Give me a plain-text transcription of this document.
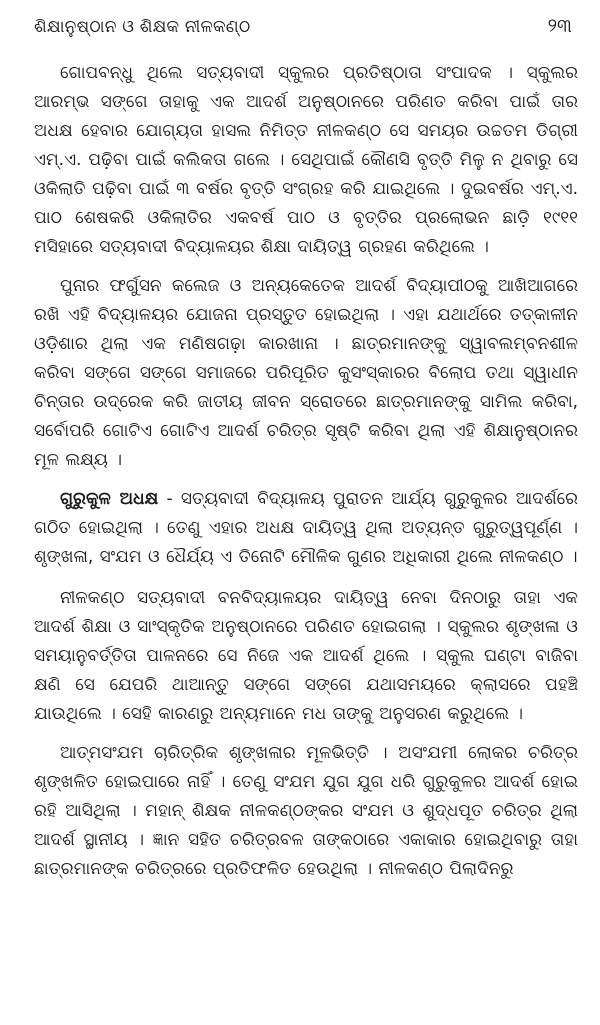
ଶିକ୍ଷାନୁଷ୍ଠାନ ଓ ଶିକ୍ଷକ ନୀଳକଣ୍ଠ	୨୩

ଗୋପବନ୍ଧୁ ଥିଲେ ସତ୍ୟବାଦୀ ସ୍କୁଲର ପ୍ରତିଷ୍ଠାତା ସଂପାଦକ । ସ୍କୁଲର ଆରମ୍ଭ ସଙ୍ଗେ ତାହାକୁ ଏକ ଆଦର୍ଶ ଅନୁଷ୍ଠାନରେ ପରିଣତ କରିବା ପାଇଁ ତାର ଅଧକ୍ଷ ହେବାର ଯୋଗ୍ୟତା ହାସଲ ନିମିତ୍ତ ନୀଳକଣ୍ଠ ସେ ସମୟର ଉଚ୍ଚତମ ଡିଗ୍ରୀ ଏମ୍.ଏ. ପଢ଼ିବା ପାଇଁ କଲିକତା ଗଲେ । ସେଥିପାଇଁ କୌଣସି ବୃତ୍ତି ମିଳୁ ନ ଥିବାରୁ ସେ ଓକିଲାତି ପଢ଼ିବା ପାଇଁ ୩ ବର୍ଷର ବୃତ୍ତି ସଂଗ୍ରହ କରି ଯାଇଥିଲେ । ଦୁଇବର୍ଷର ଏମ୍.ଏ. ପାଠ ଶେଷକରି ଓକିଲାତିର ଏକବର୍ଷ ପାଠ ଓ ବୃତ୍ତିର ପ୍ରଲୋଭନ ଛାଡ଼ି ୧୯୧୧ ମସିହାରେ ସତ୍ୟବାଦୀ ବିଦ୍ୟାଳୟର ଶିକ୍ଷା ଦାୟିତ୍ୱ ଗ୍ରହଣ କରିଥିଲେ ।

ପୁନାର ଫର୍ଗୁସନ କଲେଜ ଓ ଅନ୍ୟକେତେକ ଆଦର୍ଶ ବିଦ୍ୟାପୀଠକୁ ଆଖିଆଗରେ ରଖି ଏହି ବିଦ୍ୟାଳୟର ଯୋଜନା ପ୍ରସ୍ତୁତ ହୋଇଥିଲା । ଏହା ଯଥାର୍ଥରେ ତତ୍କାଳୀନ ଓଡ଼ିଶାର ଥିଲା ଏକ ମଣିଷଗଢ଼ା କାରଖାନା । ଛାତ୍ରମାନଙ୍କୁ ସ୍ୱାବଲମ୍ବନଶୀଳ କରିବା ସଙ୍ଗେ ସଙ୍ଗେ ସମାଜରେ ପରିପୂରିତ କୁସଂସ୍କାରର ବିଲୋପ ତଥା ସ୍ୱାଧୀନ ଚିନ୍ତାର ଉଦ୍ରେକ କରି ଜାତୀୟ ଜୀବନ ସ୍ରୋତରେ ଛାତ୍ରମାନଙ୍କୁ ସାମିଲ କରିବା, ସର୍ବୋପରି ଗୋଟିଏ ଗୋଟିଏ ଆଦର୍ଶ ଚରିତ୍ର ସୃଷ୍ଟି କରିବା ଥିଲା ଏହି ଶିକ୍ଷାନୁଷ୍ଠାନର ମୂଳ ଲକ୍ଷ୍ୟ ।

ଗୁରୁକୁଳ ଅଧକ୍ଷ - ସତ୍ୟବାଦୀ ବିଦ୍ୟାଳୟ ପୁରାତନ ଆର୍ଯ୍ୟ ଗୁରୁକୁଳର ଆଦର୍ଶରେ ଗଠିତ ହୋଇଥିଲା । ତେଣୁ ଏହାର ଅଧକ୍ଷ ଦାୟିତ୍ୱ ଥିଲା ଅତ୍ୟନ୍ତ ଗୁରୁତ୍ୱପୂର୍ଣ୍ଣ । ଶୃଙ୍ଖଳା, ସଂଯମ ଓ ଧୈର୍ଯ୍ୟ ଏ ତିନୋଟି ମୌଳିକ ଗୁଣର ଅଧିକାରୀ ଥିଲେ ନୀଳକଣ୍ଠ ।

ନୀଳକଣ୍ଠ ସତ୍ୟବାଦୀ ବନବିଦ୍ୟାଳୟର ଦାୟିତ୍ୱ ନେବା ଦିନଠାରୁ ତାହା ଏକ ଆଦର୍ଶ ଶିକ୍ଷା ଓ ସାଂସ୍କୃତିକ ଅନୁଷ୍ଠାନରେ ପରିଣତ ହୋଇଗଲା । ସ୍କୁଲର ଶୃଙ୍ଖଳା ଓ ସମୟାନୁବର୍ତ୍ତିତା ପାଳନରେ ସେ ନିଜେ ଏକ ଆଦର୍ଶ ଥିଲେ । ସ୍କୁଲ ଘଣ୍ଟା ବାଜିବା କ୍ଷଣି ସେ ଯେପରି ଥାଆନ୍ତୁ ସଙ୍ଗେ ସଙ୍ଗେ ଯଥାସମୟରେ କ୍ଲାସରେ ପହଞ୍ଚି ଯାଉଥିଲେ । ସେହି କାରଣରୁ ଅନ୍ୟମାନେ ମଧ ତାଙ୍କୁ ଅନୁସରଣ କରୁଥିଲେ ।

ଆତ୍ମସଂଯମ ଚାରିତ୍ରିକ ଶୃଙ୍ଖଳାର ମୂଳଭିତ୍ତି । ଅସଂଯମୀ ଲୋକର ଚରିତ୍ର ଶୃଙ୍ଖଳିତ ହୋଇପାରେ ନାହିଁ । ତେଣୁ ସଂଯମ ଯୁଗ ଯୁଗ ଧରି ଗୁରୁକୁଳର ଆଦର୍ଶ ହୋଇ ରହି ଆସିଥିଲା । ମହାନ୍ ଶିକ୍ଷକ ନୀଳକଣ୍ଠଙ୍କର ସଂଯମ ଓ ଶୁଦ୍ଧପୂତ ଚରିତ୍ର ଥିଲା ଆଦର୍ଶ ସ୍ଥାନୀୟ । ଜ୍ଞାନ ସହିତ ଚରିତ୍ରବଳ ତାଙ୍କଠାରେ ଏକାକାର ହୋଇଥିବାରୁ ତାହା ଛାତ୍ରମାନଙ୍କ ଚରିତ୍ରରେ ପ୍ରତିଫଳିତ ହେଉଥିଲା । ନୀଳକଣ୍ଠ ପିଲାଦିନରୁ
